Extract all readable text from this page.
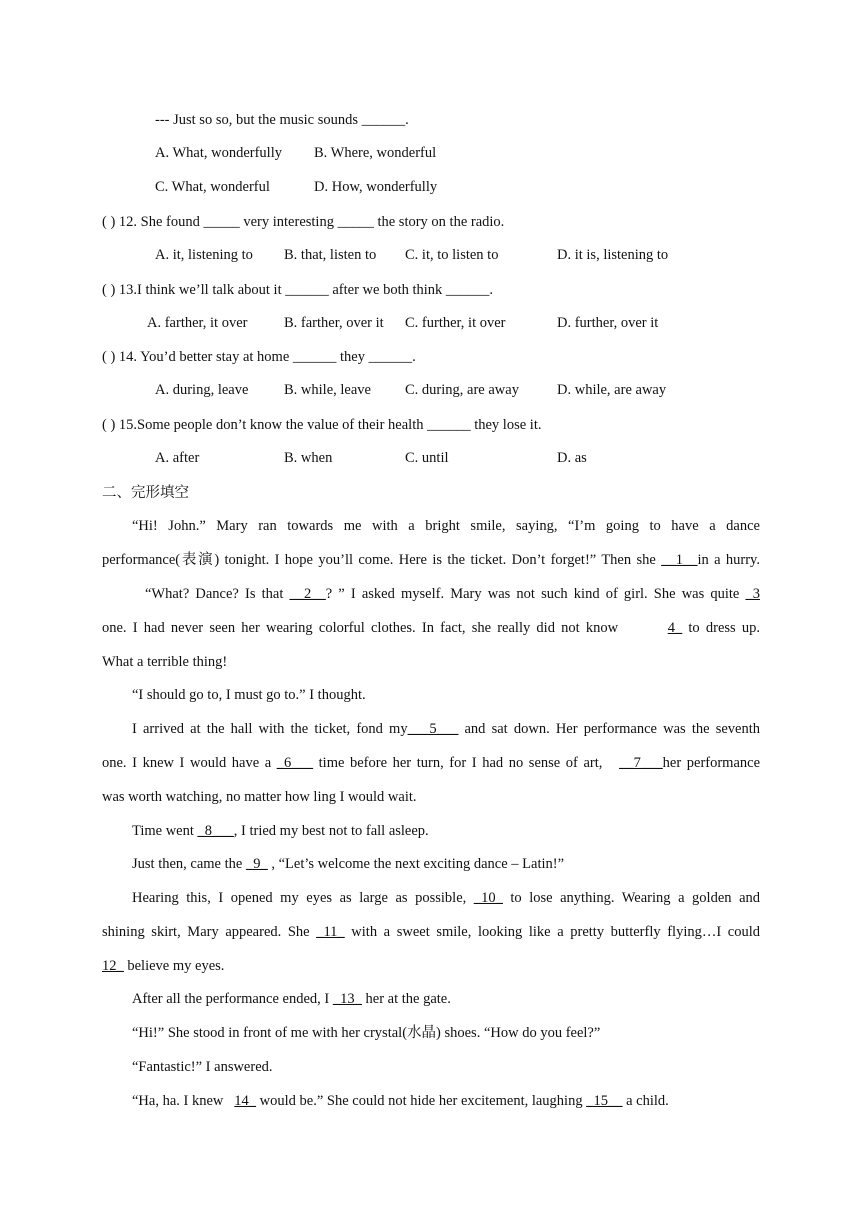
--- Just so so, but the music sounds ______.
A. What, wonderfully B. Where, wonderful
C. What, wonderful	D. How, wonderfully
( ) 12. She found _____ very interesting _____ the story on the radio.
A. it, listening to B. that, listen to C. it, to listen to	D. it is, listening to
( ) 13.I think we’ll talk about it ______ after we both think ______.
A. farther, it over	B. farther, over it C. further, it over	D. further, over it
( ) 14. You’d better stay at home ______ they ______.
A. during, leave B. while, leave C. during, are away	D. while, are away
( ) 15.Some people don’t know the value of their health ______ they lose it.
A. after	B. when	C. until	D. as
二、完形填空
“Hi! John.” Mary ran towards me with a bright smile, saying, “I’m going to have a dance
performance(表演) tonight. I hope you’ll come. Here is the ticket. Don’t forget!” Then she __1__in a hurry.
“What? Dance? Is that __2__? ” I asked myself. Mary was not such kind of girl. She was quite _3
one. I had never seen her wearing colorful clothes. In fact, she really did not know	4_ to dress up.
What a terrible thing!
“I should go to, I must go to.” I thought.
I arrived at the hall with the ticket, fond my___5___ and sat down. Her performance was the seventh
one. I knew I would have a _6___ time before her turn, for I had no sense of art, __7___her performance
was worth watching, no matter how ling I would wait.
Time went _8___, I tried my best not to fall asleep.
Just then, came the _9_ , “Let’s welcome the next exciting dance – Latin!”
Hearing this, I opened my eyes as large as possible, _10_ to lose anything. Wearing a golden and
shining skirt, Mary appeared. She _11_ with a sweet smile, looking like a pretty butterfly flying…I could
12_ believe my eyes.
After all the performance ended, I _13_ her at the gate.
“Hi!” She stood in front of me with her crystal(水晶) shoes. “How do you feel?”
“Fantastic!” I answered.
“Ha, ha. I knew 14_ would be.” She could not hide her excitement, laughing _15__ a child.
